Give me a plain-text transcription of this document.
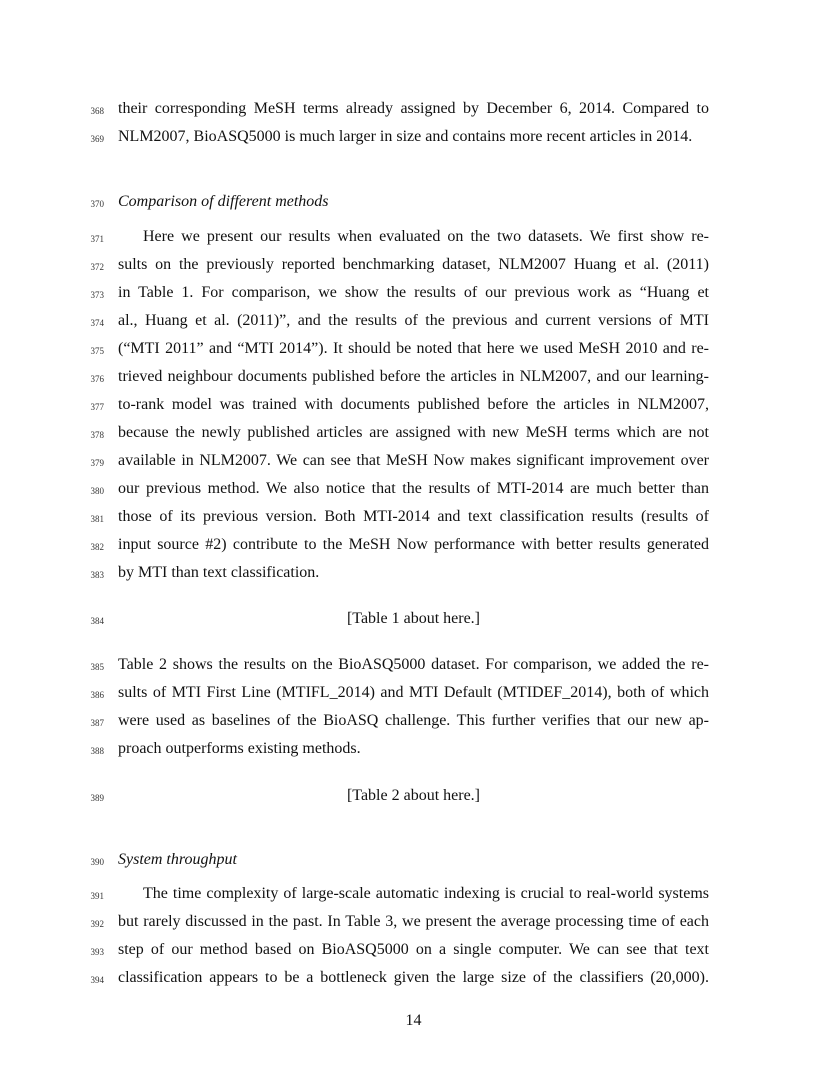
368 their corresponding MeSH terms already assigned by December 6, 2014. Compared to
369 NLM2007, BioASQ5000 is much larger in size and contains more recent articles in 2014.
370 Comparison of different methods
371	Here we present our results when evaluated on the two datasets. We first show re-
372 sults on the previously reported benchmarking dataset, NLM2007 Huang et al. (2011)
373 in Table 1. For comparison, we show the results of our previous work as “Huang et
374 al., Huang et al. (2011)”, and the results of the previous and current versions of MTI
375 (“MTI 2011” and “MTI 2014”). It should be noted that here we used MeSH 2010 and re-
376 trieved neighbour documents published before the articles in NLM2007, and our learning-
377 to-rank model was trained with documents published before the articles in NLM2007,
378 because the newly published articles are assigned with new MeSH terms which are not
379 available in NLM2007. We can see that MeSH Now makes significant improvement over
380 our previous method. We also notice that the results of MTI-2014 are much better than
381 those of its previous version. Both MTI-2014 and text classification results (results of
382 input source #2) contribute to the MeSH Now performance with better results generated
383 by MTI than text classification.
384	[Table 1 about here.]
385 Table 2 shows the results on the BioASQ5000 dataset. For comparison, we added the re-
386 sults of MTI First Line (MTIFL_2014) and MTI Default (MTIDEF_2014), both of which
387 were used as baselines of the BioASQ challenge. This further verifies that our new ap-
388 proach outperforms existing methods.
389	[Table 2 about here.]
390 System throughput
391	The time complexity of large-scale automatic indexing is crucial to real-world systems
392 but rarely discussed in the past. In Table 3, we present the average processing time of each
393 step of our method based on BioASQ5000 on a single computer. We can see that text
394 classification appears to be a bottleneck given the large size of the classifiers (20,000).
14
